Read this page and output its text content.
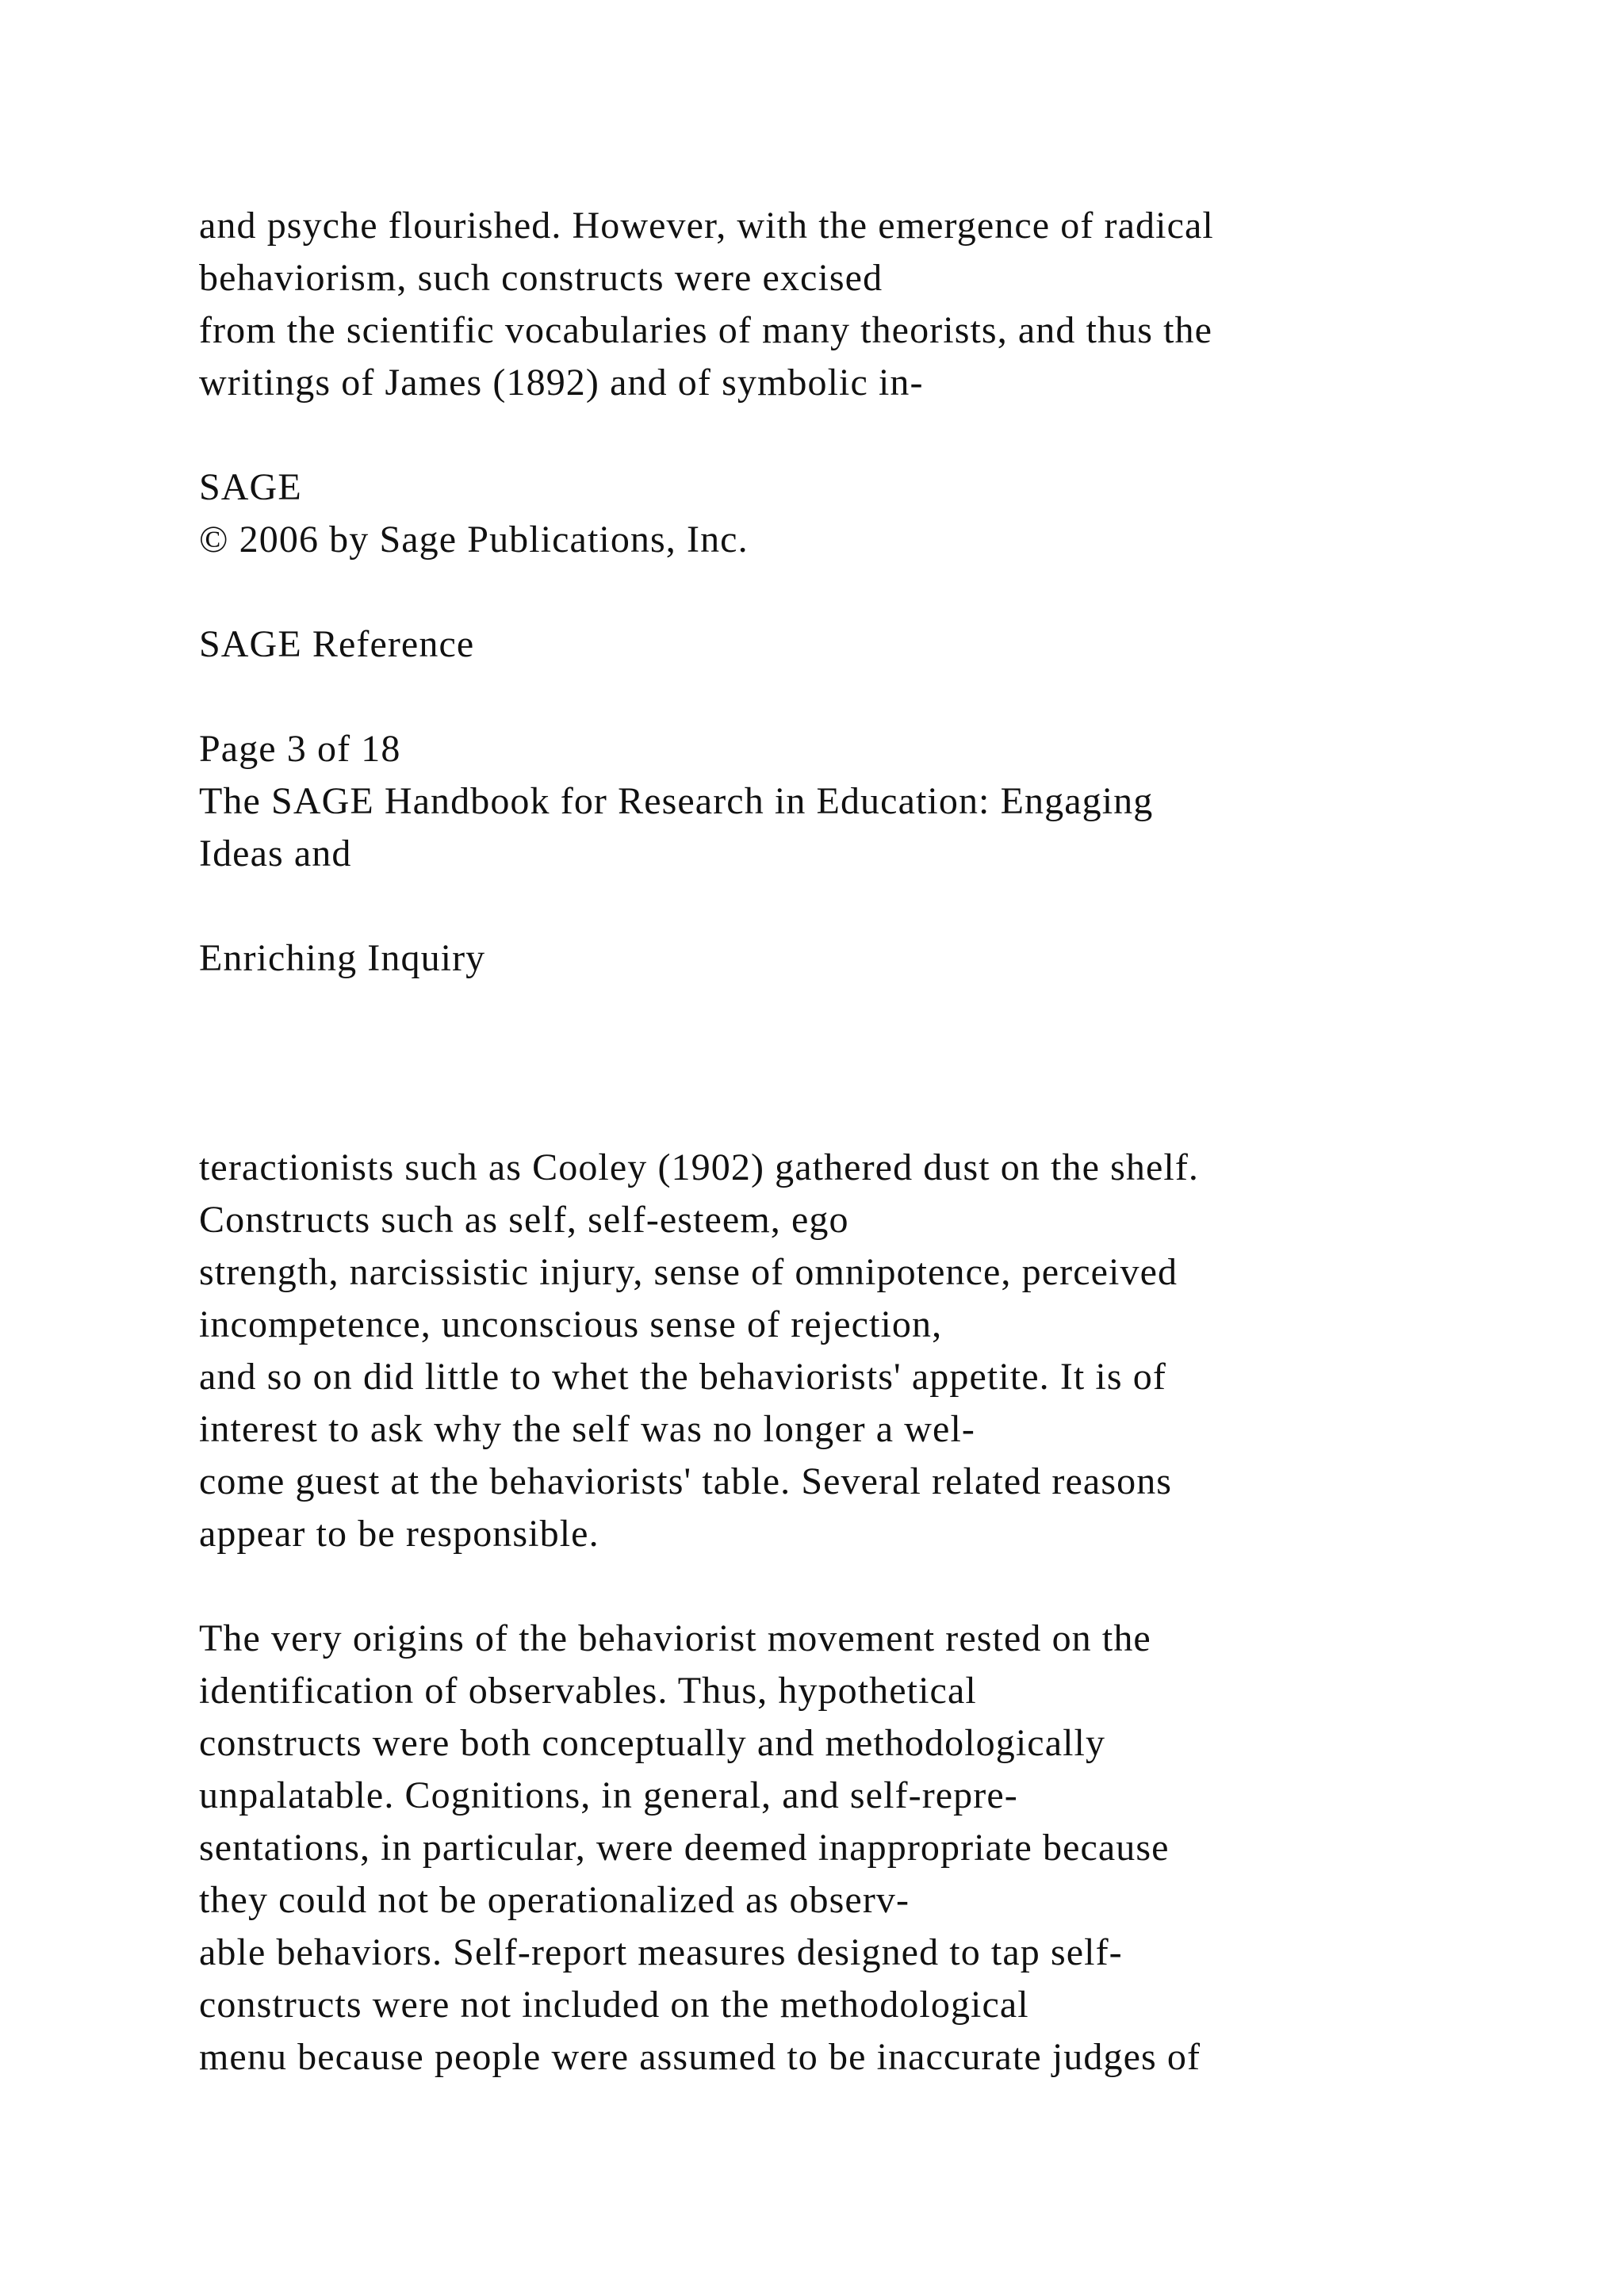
and psyche flourished. However, with the emergence of radical

behaviorism, such constructs were excised

from the scientific vocabularies of many theorists, and thus the

writings of James (1892) and of symbolic in-

SAGE

© 2006 by Sage Publications, Inc.

SAGE Reference

Page 3 of 18

The SAGE Handbook for Research in Education: Engaging

Ideas and

Enriching Inquiry

teractionists such as Cooley (1902) gathered dust on the shelf.

Constructs such as self, self-esteem, ego

strength, narcissistic injury, sense of omnipotence, perceived

incompetence, unconscious sense of rejection,

and so on did little to whet the behaviorists' appetite. It is of

interest to ask why the self was no longer a wel-

come guest at the behaviorists' table. Several related reasons

appear to be responsible.

The very origins of the behaviorist movement rested on the

identification of observables. Thus, hypothetical

constructs were both conceptually and methodologically

unpalatable. Cognitions, in general, and self-repre-

sentations, in particular, were deemed inappropriate because

they could not be operationalized as observ-

able behaviors. Self-report measures designed to tap self-

constructs were not included on the methodological

menu because people were assumed to be inaccurate judges of
